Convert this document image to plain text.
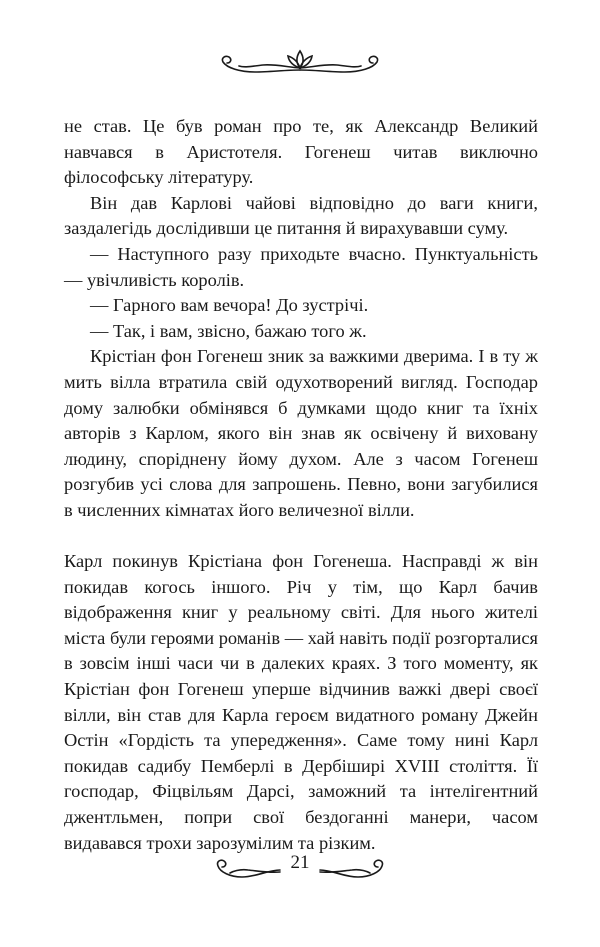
не став. Це був роман про те, як Александр Великий навчався в Аристотеля. Гогенеш читав виключно філософську літературу.

Він дав Карлові чайові відповідно до ваги книги, заздалегідь дослідивши це питання й вирахувавши суму.

— Наступного разу приходьте вчасно. Пунктуальність — увічливість королів.

— Гарного вам вечора! До зустрічі.

— Так, і вам, звісно, бажаю того ж.

Крістіан фон Гогенеш зник за важкими дверима. І в ту ж мить вілла втратила свій одухотворений вигляд. Господар дому залюбки обмінявся б думками щодо книг та їхніх авторів з Карлом, якого він знав як освічену й виховану людину, споріднену йому духом. Але з часом Гогенеш розгубив усі слова для запрошень. Певно, вони загубилися в численних кімнатах його величезної вілли.

Карл покинув Крістіана фон Гогенеша. Насправді ж він покидав когось іншого. Річ у тім, що Карл бачив відображення книг у реальному світі. Для нього жителі міста були героями романів — хай навіть події розгорталися в зовсім інші часи чи в далеких краях. З того моменту, як Крістіан фон Гогенеш уперше відчинив важкі двері своєї вілли, він став для Карла героєм видатного роману Джейн Остін «Гордість та упередження». Саме тому нині Карл покидав садибу Пемберлі в Дербіширі XVIII століття. Її господар, Фіцвільям Дарсі, заможний та інтелігентний джентльмен, попри свої бездоганні манери, часом видавався трохи зарозумілим та різким.

21
